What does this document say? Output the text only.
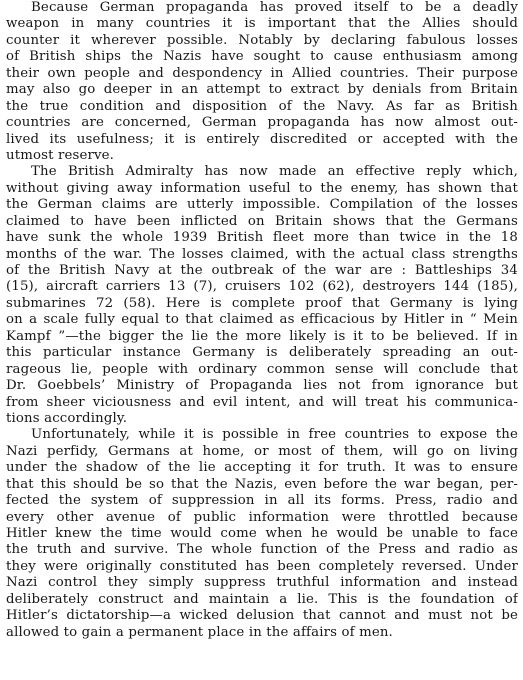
Because German propaganda has proved itself to be a deadly
weapon in many countries it is important that the Allies should
counter it wherever possible. Notably by declaring fabulous losses
of British ships the Nazis have sought to cause enthusiasm among
their own people and despondency in Allied countries. Their purpose
may also go deeper in an attempt to extract by denials from Britain
the true condition and disposition of the Navy. As far as British
countries are concerned, German propaganda has now almost out-
lived its usefulness; it is entirely discredited or accepted with the
utmost reserve.
The British Admiralty has now made an effective reply which,
without giving away information useful to the enemy, has shown that
the German claims are utterly impossible. Compilation of the losses
claimed to have been inflicted on Britain shows that the Germans
have sunk the whole 1939 British fleet more than twice in the 18
months of the war. The losses claimed, with the actual class strengths
of the British Navy at the outbreak of the war are : Battleships 34
(15), aircraft carriers 13 (7), cruisers 102 (62), destroyers 144 (185),
submarines 72 (58). Here is complete proof that Germany is lying
on a scale fully equal to that claimed as efficacious by Hitler in “ Mein
Kampf ”—the bigger the lie the more likely is it to be believed. If in
this particular instance Germany is deliberately spreading an out-
rageous lie, people with ordinary common sense will conclude that
Dr. Goebbels’ Ministry of Propaganda lies not from ignorance but
from sheer viciousness and evil intent, and will treat his communica-
tions accordingly.
Unfortunately, while it is possible in free countries to expose the
Nazi perfidy, Germans at home, or most of them, will go on living
under the shadow of the lie accepting it for truth. It was to ensure
that this should be so that the Nazis, even before the war began, per-
fected the system of suppression in all its forms. Press, radio and
every other avenue of public information were throttled because
Hitler knew the time would come when he would be unable to face
the truth and survive. The whole function of the Press and radio as
they were originally constituted has been completely reversed. Under
Nazi control they simply suppress truthful information and instead
deliberately construct and maintain a lie. This is the foundation of
Hitler’s dictatorship—a wicked delusion that cannot and must not be
allowed to gain a permanent place in the affairs of men.
